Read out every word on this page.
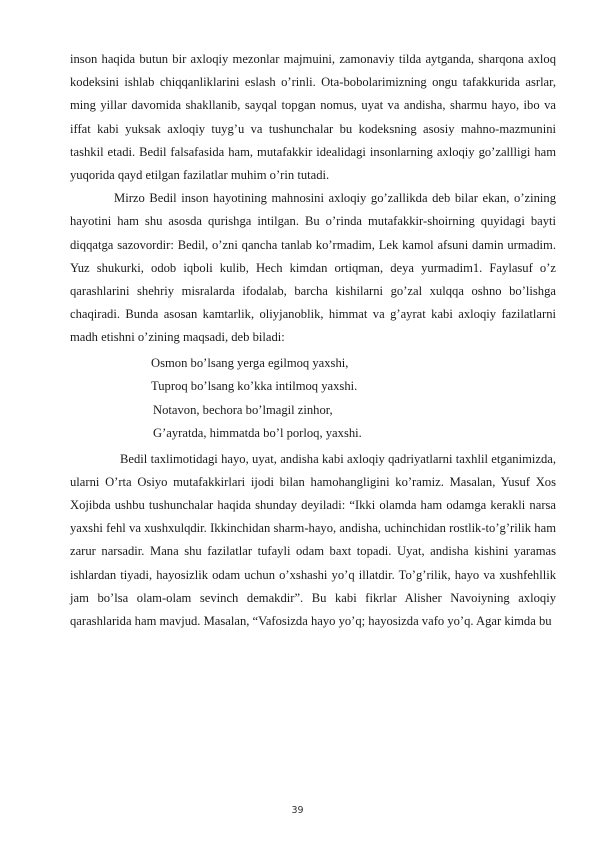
inson haqida butun bir axloqiy mezonlar majmuini, zamonaviy tilda aytganda, sharqona axloq kodeksini ishlab chiqqanliklarini eslash o’rinli. Ota-bobolarimizning ongu tafakkurida asrlar, ming yillar davomida shakllanib, sayqal topgan nomus, uyat va andisha, sharmu hayo, ibo va iffat kabi yuksak axloqiy tuyg’u va tushunchalar bu kodeksning asosiy mahno-mazmunini tashkil etadi. Bedil falsafasida ham, mutafakkir idealidagi insonlarning axloqiy go’zallligi ham yuqorida qayd etilgan fazilatlar muhim o’rin tutadi.

Mirzo Bedil inson hayotining mahnosini axloqiy go’zallikda deb bilar ekan, o’zining hayotini ham shu asosda qurishga intilgan. Bu o’rinda mutafakkir-shoirning quyidagi bayti diqqatga sazovordir: Bedil, o’zni qancha tanlab ko’rmadim, Lek kamol afsuni damin urmadim. Yuz shukurki, odob iqboli kulib, Hech kimdan ortiqman, deya yurmadim1. Faylasuf o’z qarashlarini shehriy misralarda ifodalab, barcha kishilarni go’zal xulqqa oshno bo’lishga chaqiradi. Bunda asosan kamtarlik, oliyjanoblik, himmat va g’ayrat kabi axloqiy fazilatlarni madh etishni o’zining maqsadi, deb biladi:

Osmon bo’lsang yerga egilmoq yaxshi,
Tuproq bo’lsang ko’kka intilmoq yaxshi.
Notavon, bechora bo’lmagil zinhor,
G’ayratda, himmatda bo’l porloq, yaxshi.

Bedil taxlimotidagi hayo, uyat, andisha kabi axloqiy qadriyatlarni taxhlil etganimizda, ularni O’rta Osiyo mutafakkirlari ijodi bilan hamohangligini ko’ramiz. Masalan, Yusuf Xos Xojibda ushbu tushunchalar haqida shunday deyiladi: “Ikki olamda ham odamga kerakli narsa yaxshi fehl va xushxulqdir. Ikkinchidan sharm-hayo, andisha, uchinchidan rostlik-to’g’rilik ham zarur narsadir. Mana shu fazilatlar tufayli odam baxt topadi. Uyat, andisha kishini yaramas ishlardan tiyadi, hayosizlik odam uchun o’xshashi yo’q illatdir. To’g’rilik, hayo va xushfehllik jam bo’lsa olam-olam sevinch demakdir”. Bu kabi fikrlar Alisher Navoiyning axloqiy qarashlarida ham mavjud. Masalan, “Vafosizda hayo yo’q; hayosizda vafo yo’q. Agar kimda bu

39
